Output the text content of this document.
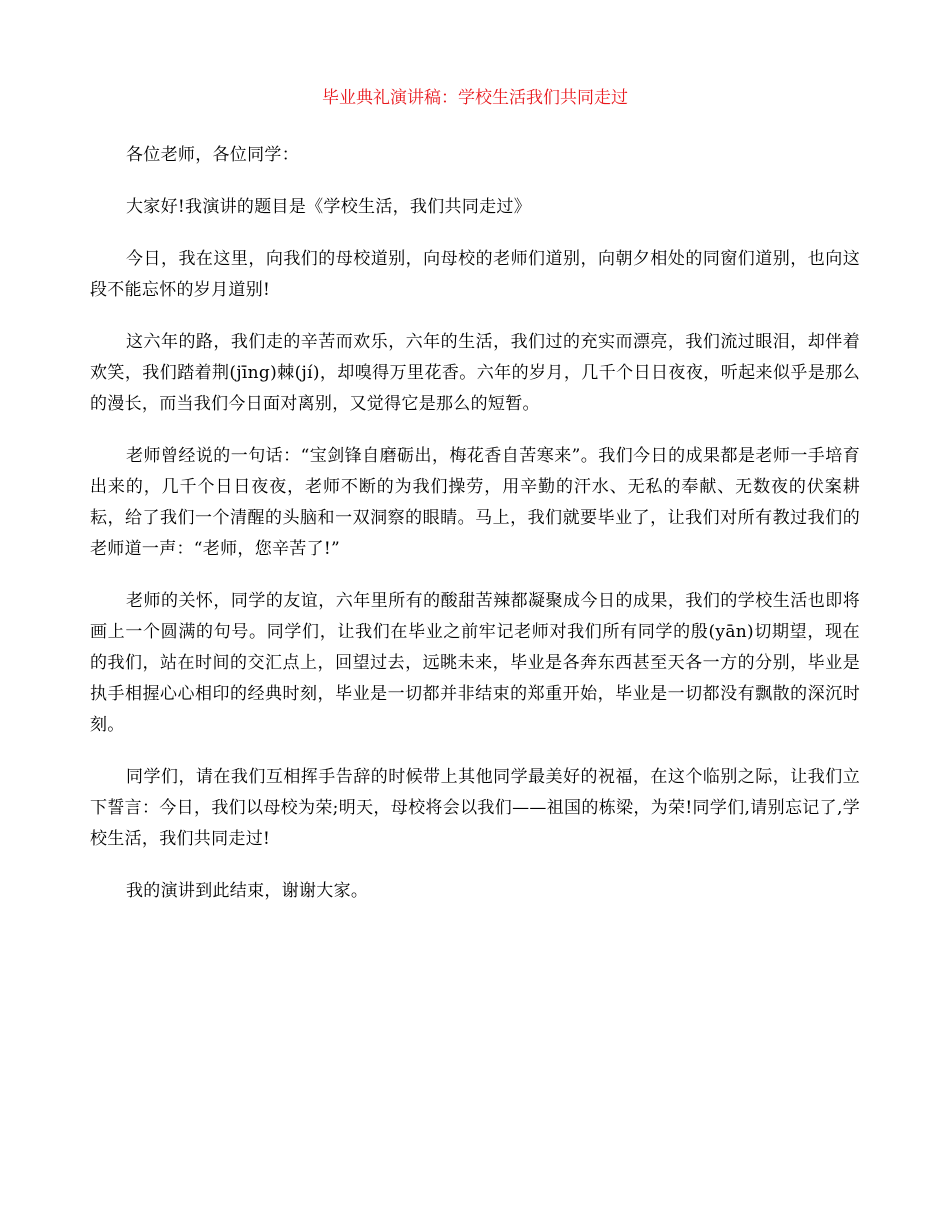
毕业典礼演讲稿：学校生活我们共同走过

各位老师，各位同学：

大家好!我演讲的题目是《学校生活，我们共同走过》

今日，我在这里，向我们的母校道别，向母校的老师们道别，向朝夕相处的同窗们道别，也向这段不能忘怀的岁月道别!

这六年的路，我们走的辛苦而欢乐，六年的生活，我们过的充实而漂亮，我们流过眼泪，却伴着欢笑，我们踏着荆(jīng)棘(jí)，却嗅得万里花香。六年的岁月，几千个日日夜夜，听起来似乎是那么的漫长，而当我们今日面对离别，又觉得它是那么的短暂。

老师曾经说的一句话：“宝剑锋自磨砺出，梅花香自苦寒来”。我们今日的成果都是老师一手培育出来的，几千个日日夜夜，老师不断的为我们操劳，用辛勤的汗水、无私的奉献、无数夜的伏案耕耘，给了我们一个清醒的头脑和一双洞察的眼睛。马上，我们就要毕业了，让我们对所有教过我们的老师道一声：“老师，您辛苦了!”

老师的关怀，同学的友谊，六年里所有的酸甜苦辣都凝聚成今日的成果，我们的学校生活也即将画上一个圆满的句号。同学们，让我们在毕业之前牢记老师对我们所有同学的殷(yān)切期望，现在的我们，站在时间的交汇点上，回望过去，远眺未来，毕业是各奔东西甚至天各一方的分别，毕业是执手相握心心相印的经典时刻，毕业是一切都并非结束的郑重开始，毕业是一切都没有飘散的深沉时刻。

同学们，请在我们互相挥手告辞的时候带上其他同学最美好的祝福，在这个临别之际，让我们立下誓言：今日，我们以母校为荣;明天，母校将会以我们——祖国的栋梁，为荣!同学们,请别忘记了,学校生活，我们共同走过!

我的演讲到此结束，谢谢大家。
